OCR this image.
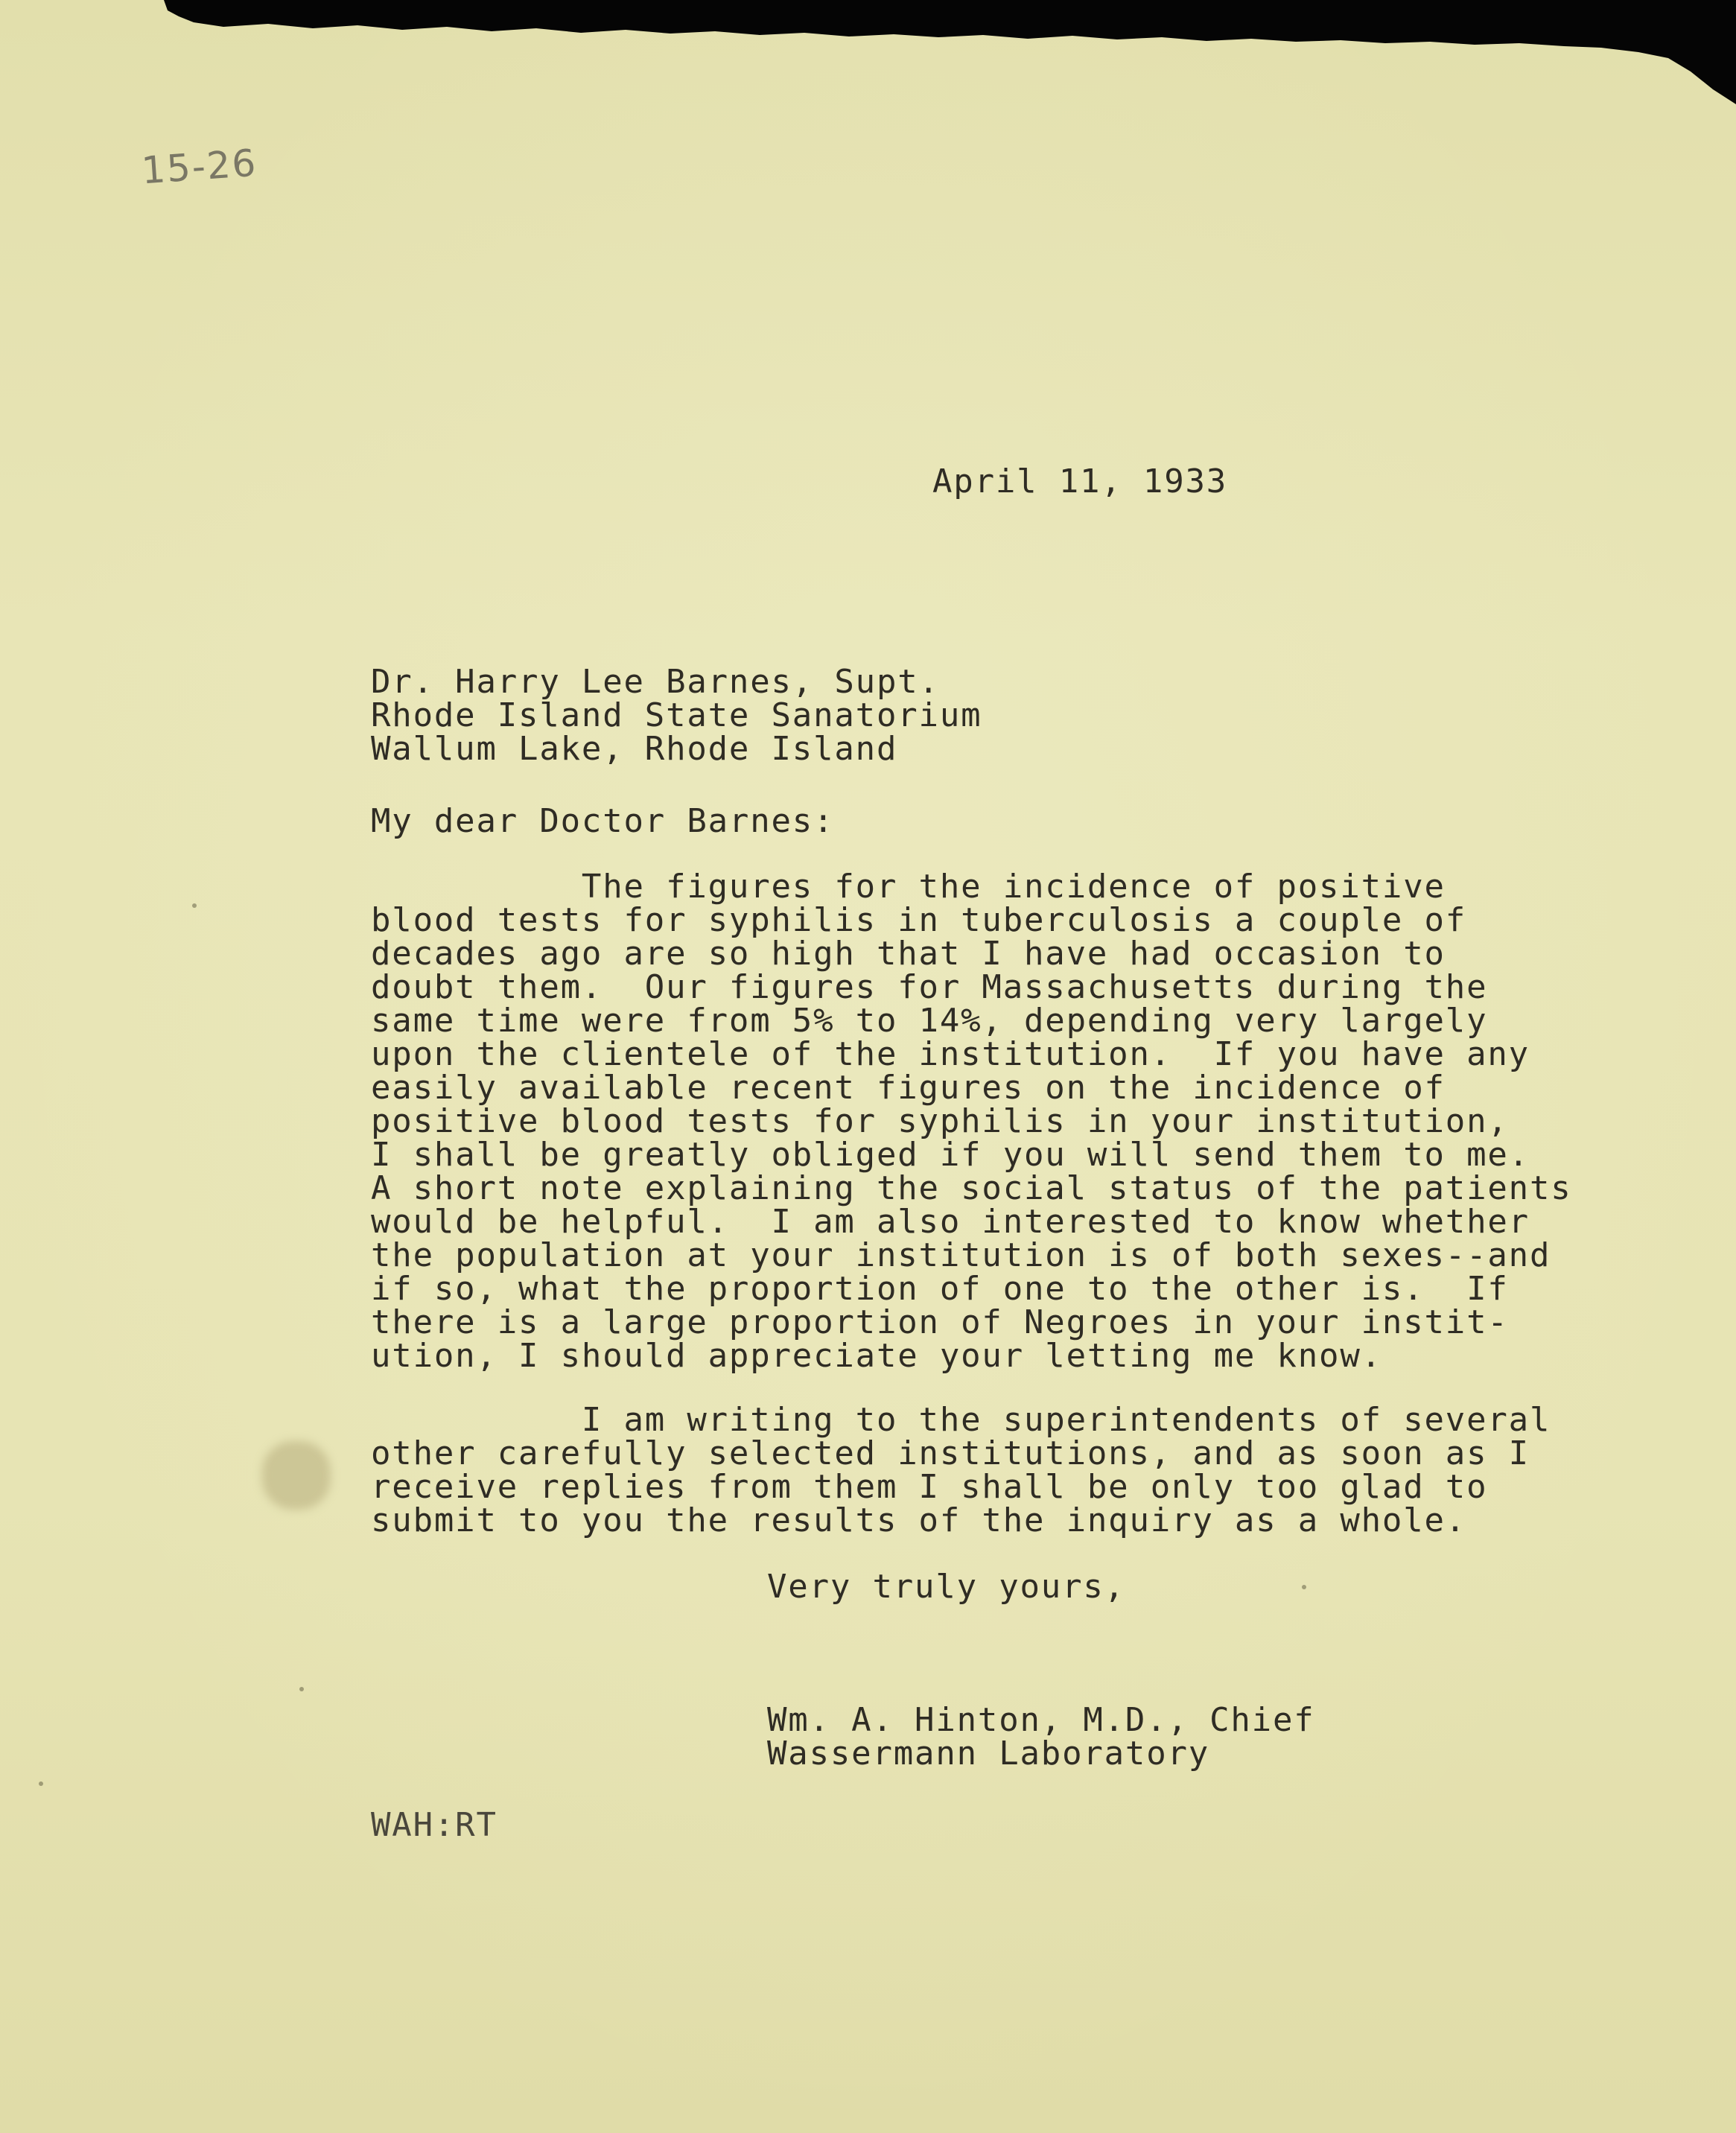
15-26

April 11, 1933

Dr. Harry Lee Barnes, Supt.
Rhode Island State Sanatorium
Wallum Lake, Rhode Island

My dear Doctor Barnes:

The figures for the incidence of positive
blood tests for syphilis in tuberculosis a couple of
decades ago are so high that I have had occasion to
doubt them.  Our figures for Massachusetts during the
same time were from 5% to 14%, depending very largely
upon the clientele of the institution.  If you have any
easily available recent figures on the incidence of
positive blood tests for syphilis in your institution,
I shall be greatly obliged if you will send them to me.
A short note explaining the social status of the patients
would be helpful.  I am also interested to know whether
the population at your institution is of both sexes--and
if so, what the proportion of one to the other is.  If
there is a large proportion of Negroes in your instit-
ution, I should appreciate your letting me know.
I am writing to the superintendents of several
other carefully selected institutions, and as soon as I
receive replies from them I shall be only too glad to
submit to you the results of the inquiry as a whole.

Very truly yours,

Wm. A. Hinton, M.D., Chief
Wassermann Laboratory

WAH:RT
